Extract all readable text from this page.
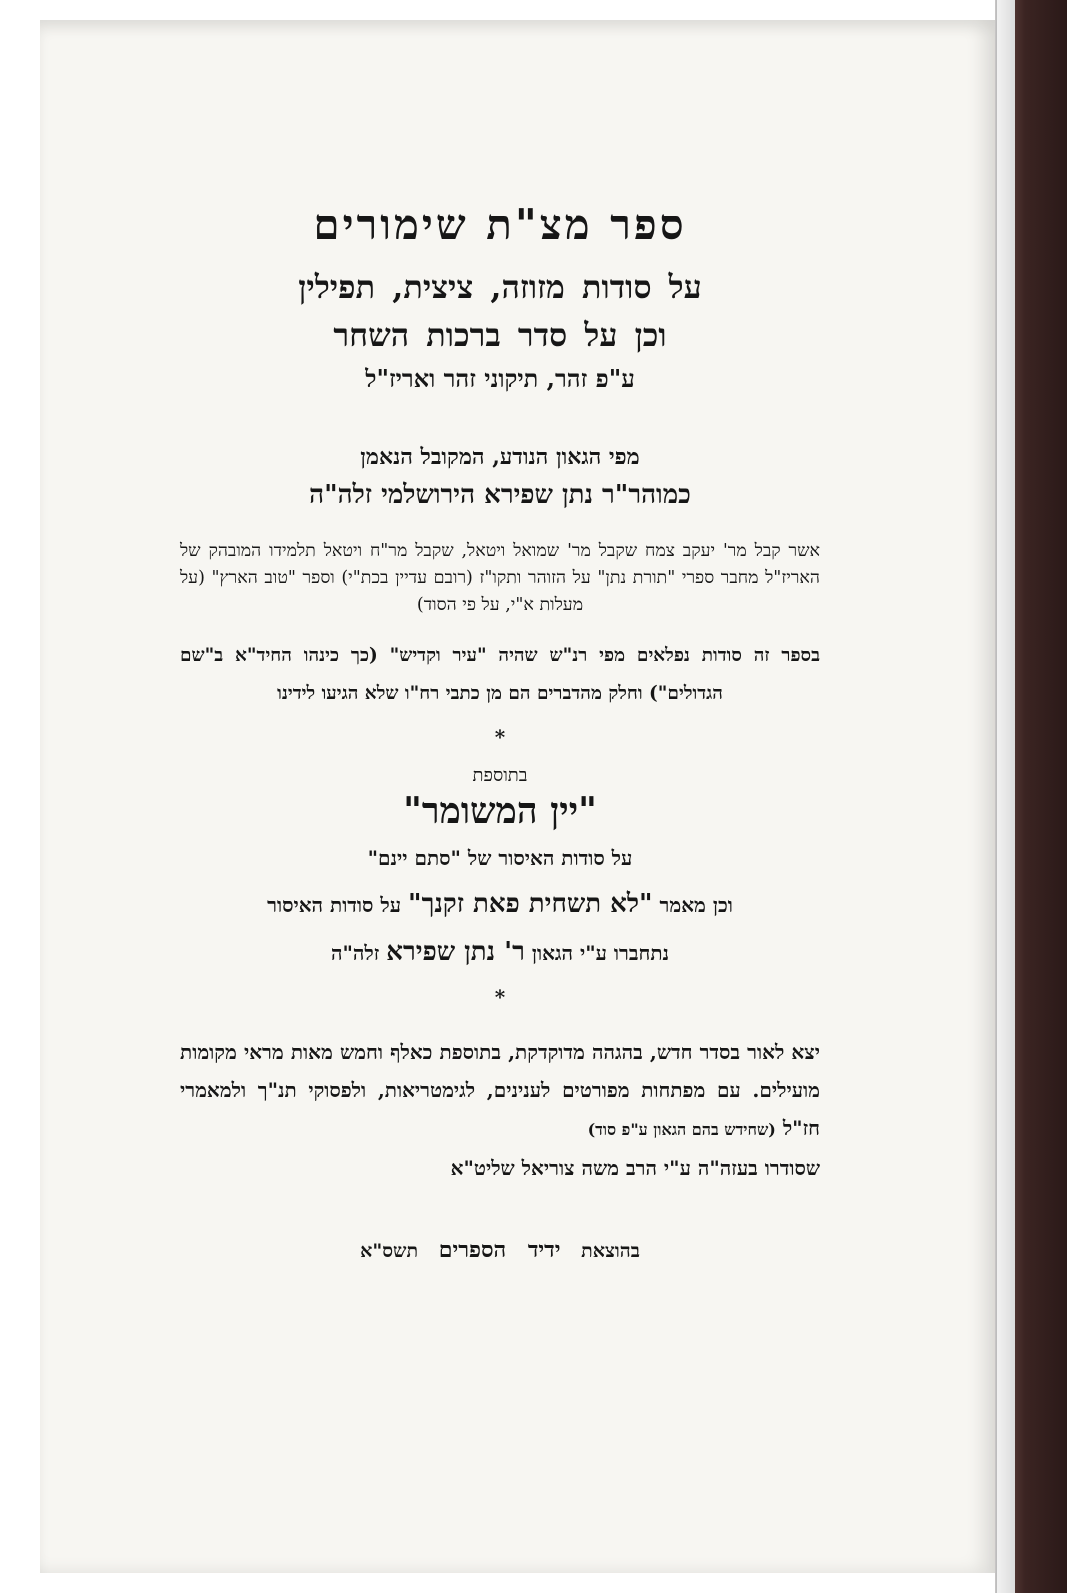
ספר מצ"ת שימורים
על סודות מזוזה, ציצית, תפילין
וכן על סדר ברכות השחר
ע"פ זהר, תיקוני זהר ואריז"ל
מפי הגאון הנודע, המקובל הנאמן
כמוהר"ר נתן שפירא הירושלמי זלה"ה
אשר קבל מר' יעקב צמח שקבל מר' שמואל ויטאל, שקבל מר"ח ויטאל תלמידו המובהק של האריז"ל מחבר ספרי "תורת נתן" על הזוהר ותקו"ז (רובם עדיין בכת"י) וספר "טוב הארץ" (על מעלות א"י, על פי הסוד)
בספר זה סודות נפלאים מפי רנ"ש שהיה "עיר וקדיש" (כך כינהו החיד"א ב"שם הגדולים") וחלק מהדברים הם מן כתבי רח"ו שלא הגיעו לידינו
*
בתוספת
"יין המשומר"
על סודות האיסור של "סתם יינם"
וכן מאמר "לא תשחית פאת זקנך" על סודות האיסור
נתחברו ע"י הגאון ר' נתן שפירא זלה"ה
*
יצא לאור בסדר חדש, בהגהה מדוקדקת, בתוספת כאלף וחמש מאות מראי מקומות מועילים. עם מפתחות מפורטים לענינים, לגימטריאות, ולפסוקי תנ"ך ולמאמרי חז"ל (שחידש בהם הגאון ע"פ סוד)
שסודרו בעזה"ה ע"י הרב משה צוריאל שליט"א
בהוצאת ידיד הספרים תשס"א
